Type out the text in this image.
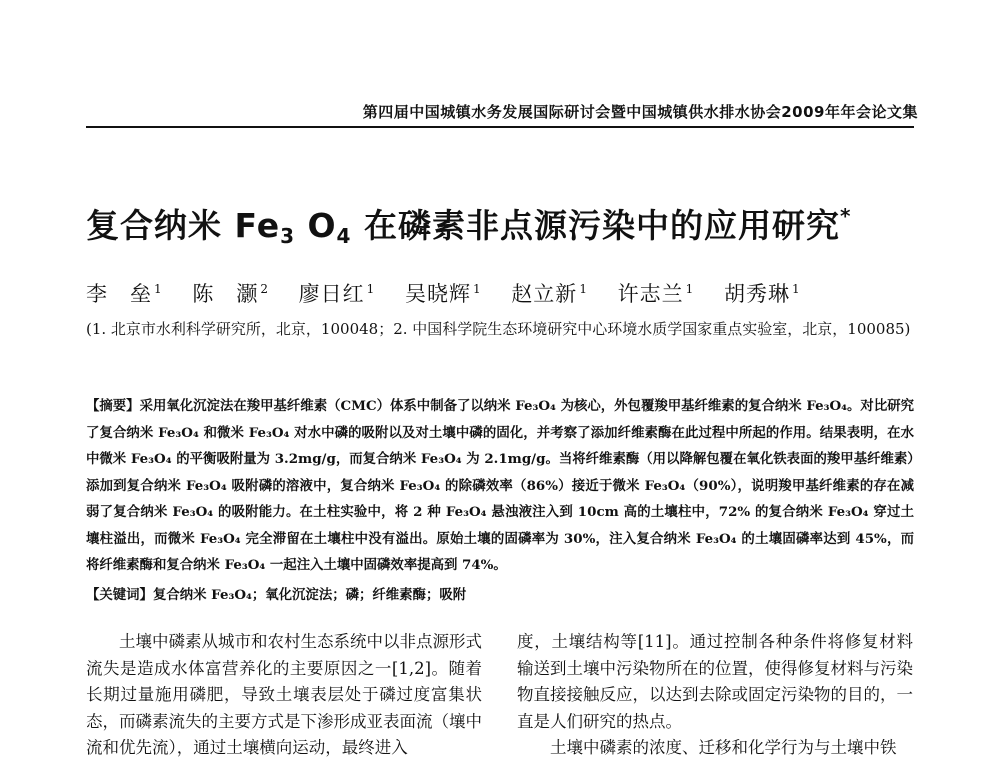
第四届中国城镇水务发展国际研讨会暨中国城镇供水排水协会2009年年会论文集
复合纳米 $Fe_3$ $O_4$ 在磷素非点源污染中的应用研究*
李　垒 $^1$ 陈　灏 $^2$ 廖日红 $^1$ 吴晓辉 $^1$ 赵立新 $^1$ 许志兰 $^1$ 胡秀琳 $^1$
(1. 北京市水利科学研究所，北京，100048；2. 中国科学院生态环境研究中心环境水质学国家重点实验室，北京，100085)
【摘要】采用氧化沉淀法在羧甲基纤维素（CMC）体系中制备了以纳米 Fe₃O₄ 为核心，外包覆羧甲基纤维素的复合纳米 Fe₃O₄。对比研究了复合纳米 Fe₃O₄ 和微米 Fe₃O₄ 对水中磷的吸附以及对土壤中磷的固化，并考察了添加纤维素酶在此过程中所起的作用。结果表明，在水中微米 Fe₃O₄ 的平衡吸附量为 3.2mg/g，而复合纳米 Fe₃O₄ 为 2.1mg/g。当将纤维素酶（用以降解包覆在氧化铁表面的羧甲基纤维素）添加到复合纳米 Fe₃O₄ 吸附磷的溶液中，复合纳米 Fe₃O₄ 的除磷效率（86%）接近于微米 Fe₃O₄（90%），说明羧甲基纤维素的存在减弱了复合纳米 Fe₃O₄ 的吸附能力。在土柱实验中，将 2 种 Fe₃O₄ 悬浊液注入到 10cm 高的土壤柱中，72% 的复合纳米 Fe₃O₄ 穿过土壤柱溢出，而微米 Fe₃O₄ 完全滞留在土壤柱中没有溢出。原始土壤的固磷率为 30%，注入复合纳米 Fe₃O₄ 的土壤固磷率达到 45%，而将纤维素酶和复合纳米 Fe₃O₄ 一起注入土壤中固磷效率提高到 74%。
【关键词】复合纳米 Fe₃O₄；氧化沉淀法；磷；纤维素酶；吸附

土壤中磷素从城市和农村生态系统中以非点源形式流失是造成水体富营养化的主要原因之一[1,2]。随着长期过量施用磷肥，导致土壤表层处于磷过度富集状态，而磷素流失的主要方式是下渗形成亚表面流（壤中流和优先流），通过土壤横向运动，最终进入

度，土壤结构等[11]。通过控制各种条件将修复材料输送到土壤中污染物所在的位置，使得修复材料与污染物直接接触反应，以达到去除或固定污染物的目的，一直是人们研究的热点。

土壤中磷素的浓度、迁移和化学行为与土壤中铁
